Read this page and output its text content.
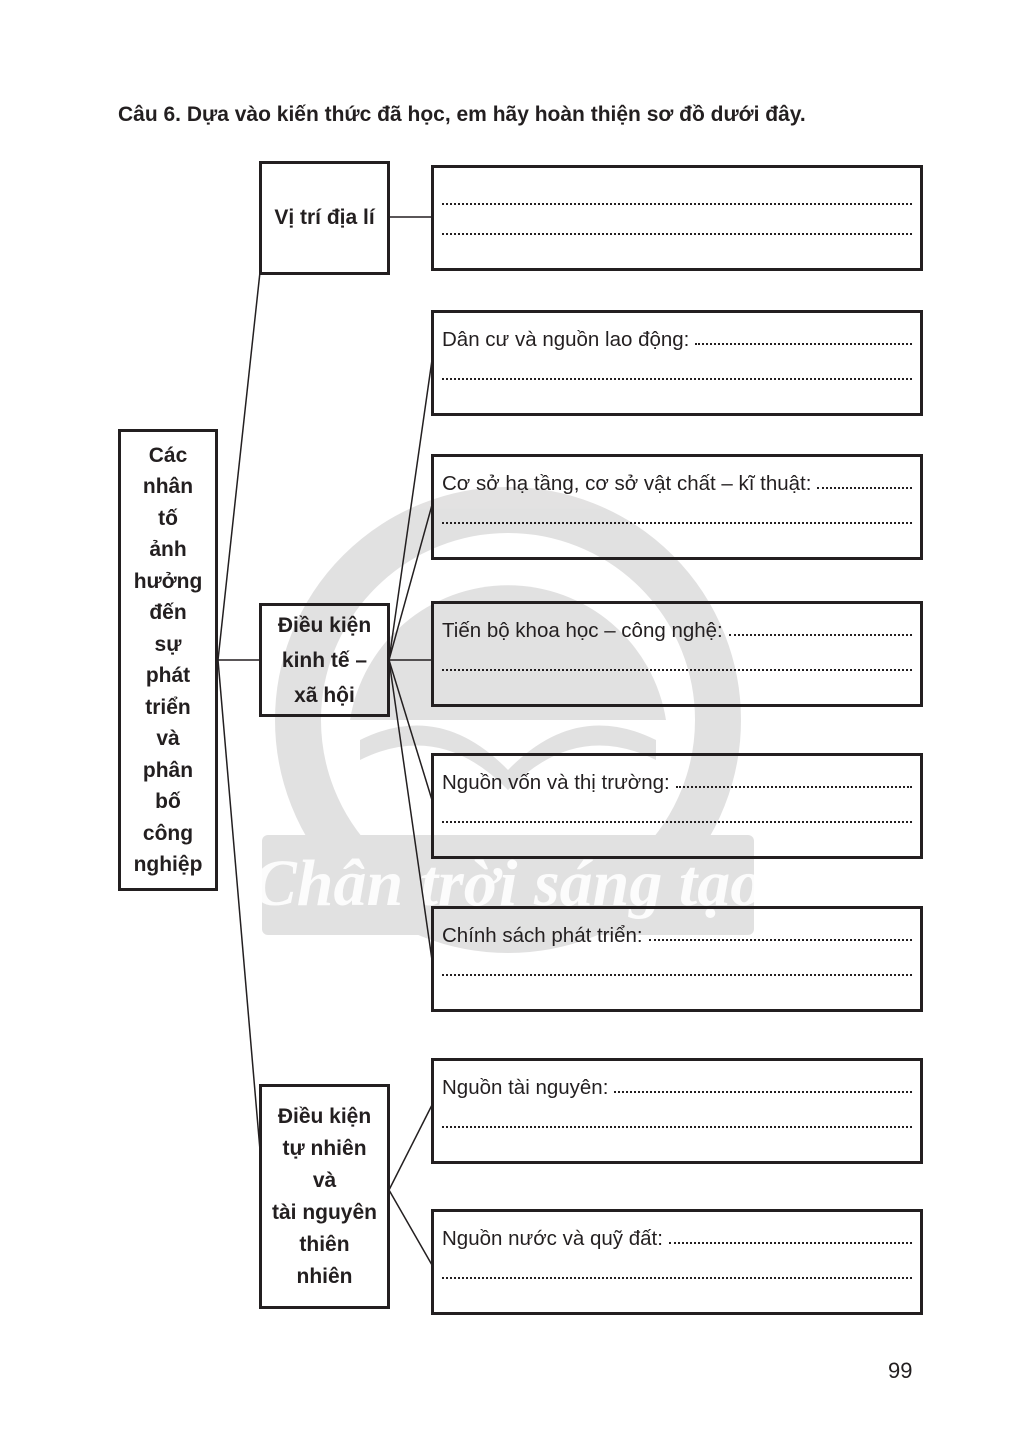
Chân trời sáng tạo
Câu 6. Dựa vào kiến thức đã học, em hãy hoàn thiện sơ đồ dưới đây.
Các
nhân
tố
ảnh
hưởng
đến
sự
phát
triển
và
phân
bố
công
nghiệp
Vị trí địa lí
Điều kiện
kinh tế –
xã hội
Điều kiện
tự nhiên
và
tài nguyên
thiên
nhiên
Dân cư và nguồn lao động:
Cơ sở hạ tầng, cơ sở vật chất – kĩ thuật:
Tiến bộ khoa học – công nghệ:
Nguồn vốn và thị trường:
Chính sách phát triển:
Nguồn tài nguyên:
Nguồn nước và quỹ đất:
99
